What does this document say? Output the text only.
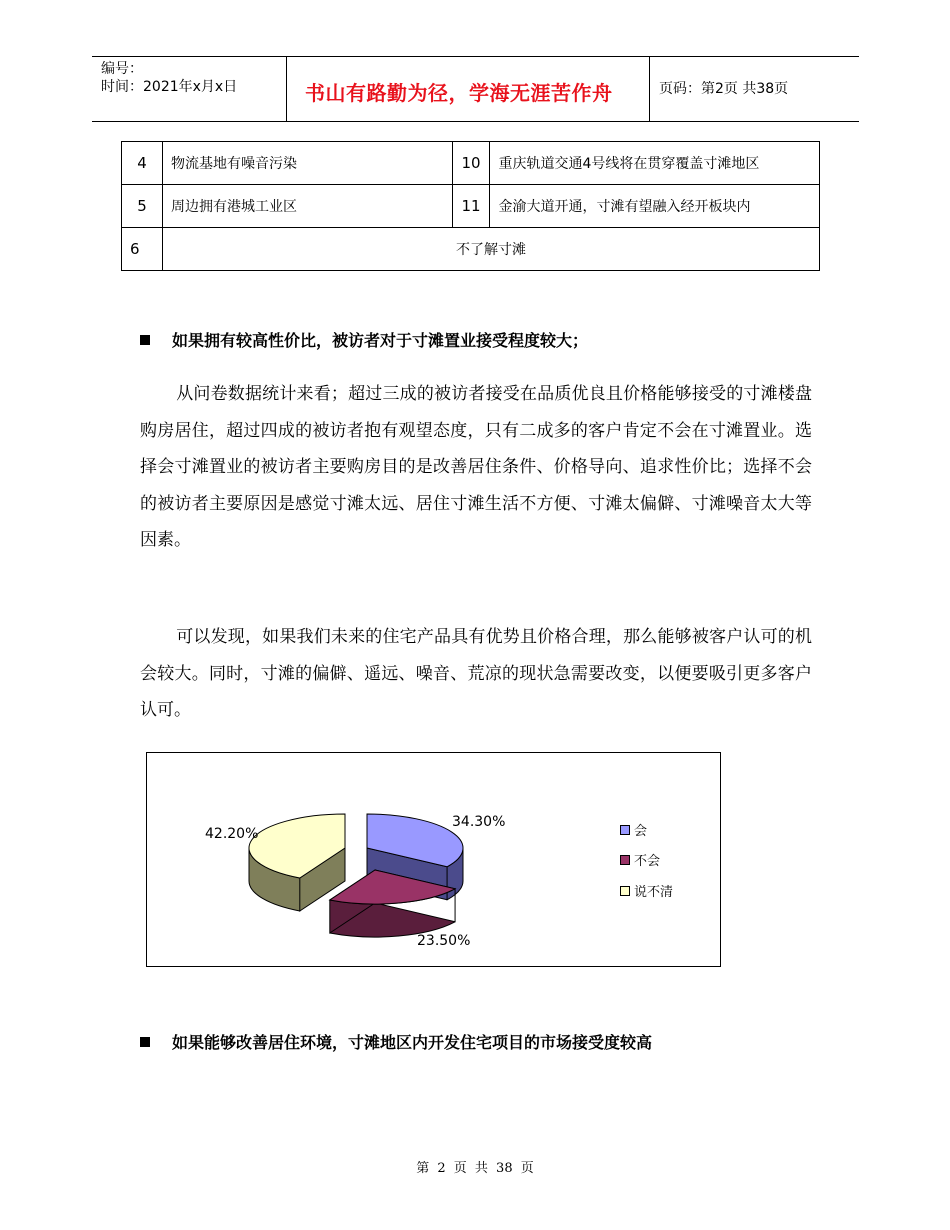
编号：
时间：2021年x月x日	书山有路勤为径，学海无涯苦作舟	页码：第2页 共38页
4	物流基地有噪音污染	10	重庆轨道交通4号线将在贯穿覆盖寸滩地区
5	周边拥有港城工业区	11	金渝大道开通，寸滩有望融入经开板块内
6	不了解寸滩		
如果拥有较高性价比，被访者对于寸滩置业接受程度较大；
从问卷数据统计来看；超过三成的被访者接受在品质优良且价格能够接受的寸滩楼盘购房居住，超过四成的被访者抱有观望态度，只有二成多的客户肯定不会在寸滩置业。选择会寸滩置业的被访者主要购房目的是改善居住条件、价格导向、追求性价比；选择不会的被访者主要原因是感觉寸滩太远、居住寸滩生活不方便、寸滩太偏僻、寸滩噪音太大等因素。
可以发现，如果我们未来的住宅产品具有优势且价格合理，那么能够被客户认可的机会较大。同时，寸滩的偏僻、遥远、噪音、荒凉的现状急需要改变，以便要吸引更多客户认可。
34.30%
23.50%
42.20%	会
不会
说不清
如果能够改善居住环境，寸滩地区内开发住宅项目的市场接受度较高
第 2 页 共 38 页
